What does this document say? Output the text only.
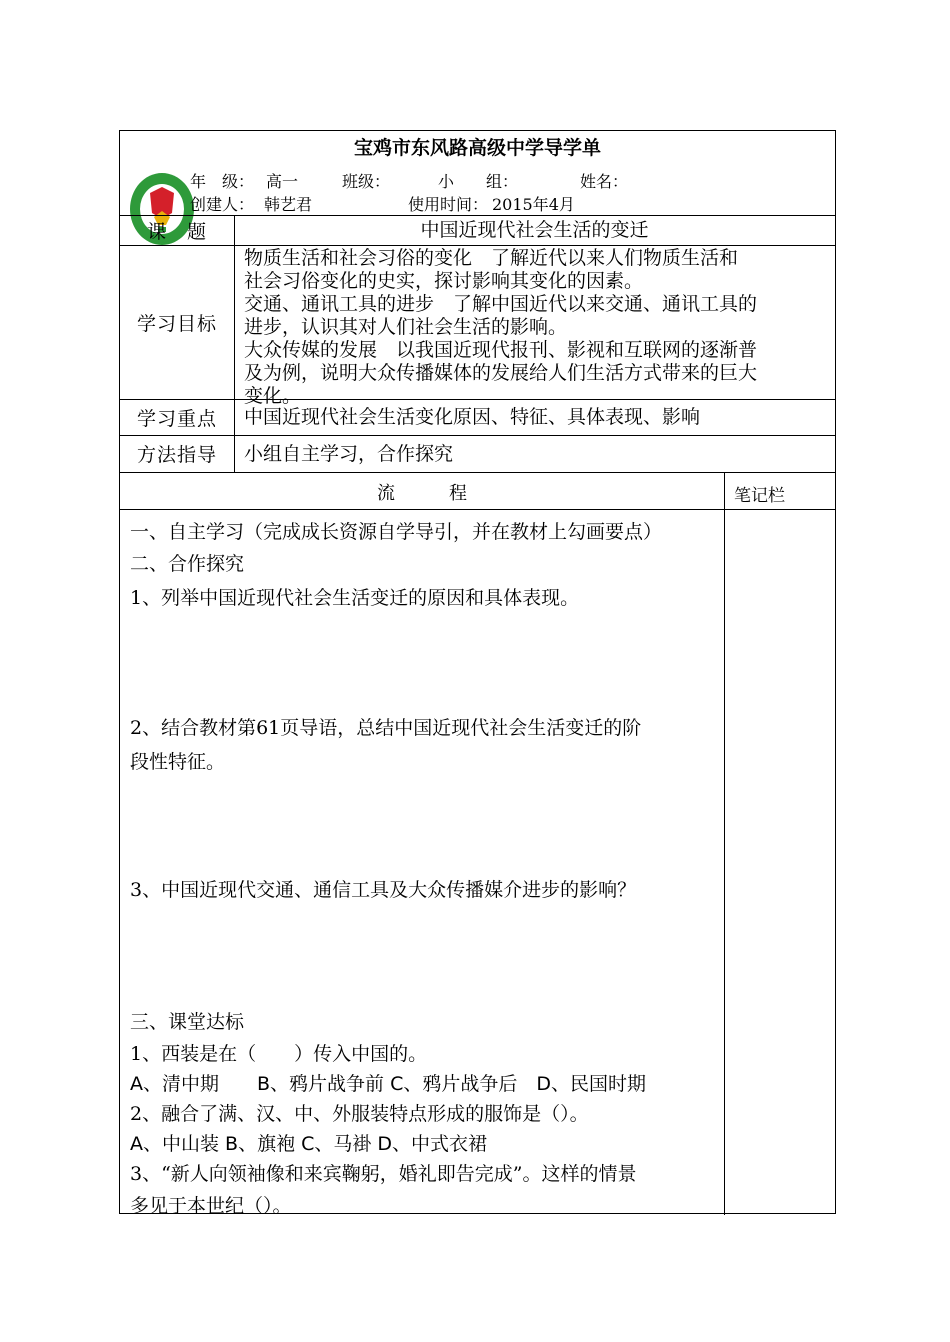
宝鸡市东风路高级中学导学单
年　级： 高一	班级：	小　　组：	姓名：
创建人： 韩艺君	使用时间： 2015年4月
课　题	中国近现代社会生活的变迁
学习目标
物质生活和社会习俗的变化　了解近代以来人们物质生活和
社会习俗变化的史实，探讨影响其变化的因素。
交通、通讯工具的进步　了解中国近代以来交通、通讯工具的
进步，认识其对人们社会生活的影响。
大众传媒的发展　以我国近现代报刊、影视和互联网的逐渐普
及为例，说明大众传播媒体的发展给人们生活方式带来的巨大
变化。
学习重点	中国近现代社会生活变化原因、特征、具体表现、影响
方法指导	小组自主学习，合作探究
流　　　程	笔记栏
一、自主学习（完成成长资源自学导引，并在教材上勾画要点）
二、合作探究
1、列举中国近现代社会生活变迁的原因和具体表现。
2、结合教材第61页导语，总结中国近现代社会生活变迁的阶
段性特征。
3、中国近现代交通、通信工具及大众传播媒介进步的影响？
三、课堂达标
1、西装是在（　　）传入中国的。
A、清中期　　B、鸦片战争前 C、鸦片战争后　D、民国时期
2、融合了满、汉、中、外服装特点形成的服饰是（）。
A、中山装 B、旗袍 C、马褂 D、中式衣裙
3、“新人向领袖像和来宾鞠躬，婚礼即告完成”。这样的情景
多见于本世纪（）。
